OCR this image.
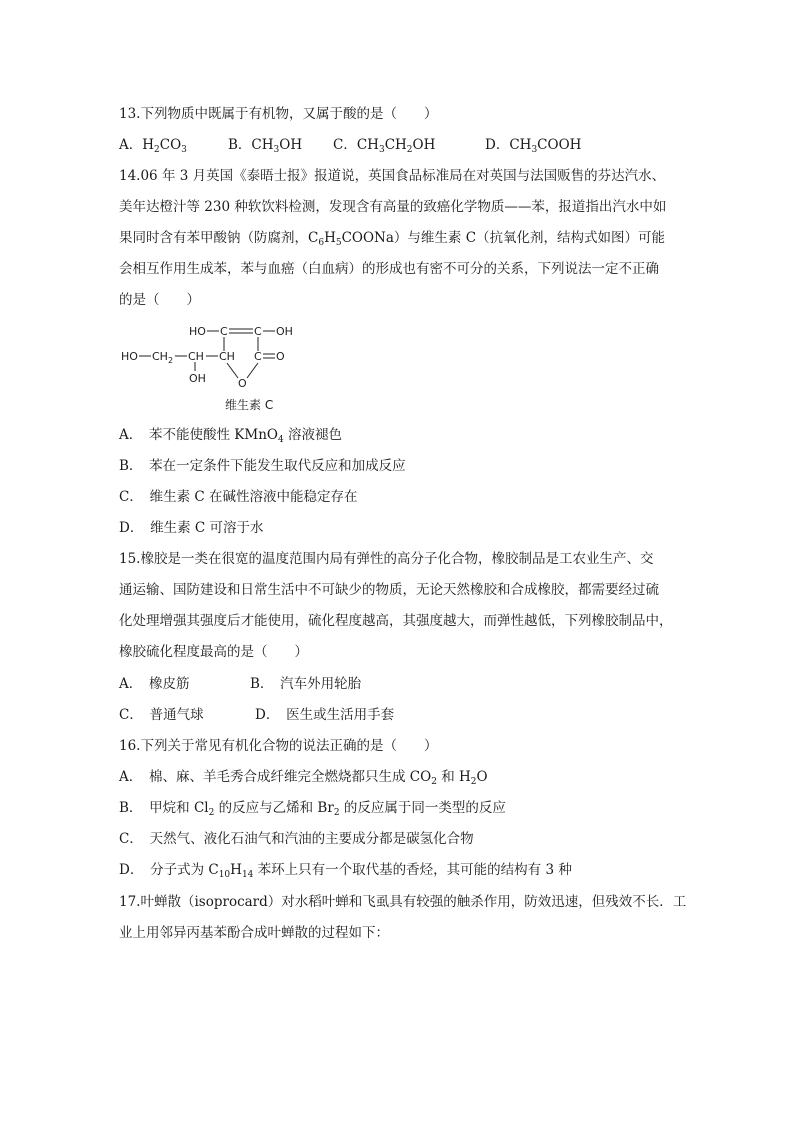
13.下列物质中既属于有机物，又属于酸的是（　　）
A．$H_2CO_3$	B．$CH_3OH$ C．$CH_3CH_2OH$	D．$CH_3COOH$
14.06 年 3 月英国《泰晤士报》报道说，英国食品标准局在对英国与法国贩售的芬达汽水、
美年达橙汁等 230 种软饮料检测，发现含有高量的致癌化学物质——苯，报道指出汽水中如
果同时含有苯甲酸钠（防腐剂，$C_6H_5COONa$）与维生素 C（抗氧化剂，结构式如图）可能
会相互作用生成苯，苯与血癌（白血病）的形成也有密不可分的关系，下列说法一定不正确
的是（　　）
HO C C OH
HO $CH_2$ CH CH C O
OH	O
维生素 C
A．　苯不能使酸性 KMnO$_4$ 溶液褪色
B．　苯在一定条件下能发生取代反应和加成反应
C．　维生素 C 在碱性溶液中能稳定存在
D．　维生素 C 可溶于水
15.橡胶是一类在很宽的温度范围内局有弹性的高分子化合物，橡胶制品是工农业生产、交
通运输、国防建设和日常生活中不可缺少的物质，无论天然橡胶和合成橡胶，都需要经过硫
化处理增强其强度后才能使用，硫化程度越高，其强度越大，而弹性越低，下列橡胶制品中，
橡胶硫化程度最高的是（　　）
A．　橡皮筋	B．　汽车外用轮胎
C．　普通气球	D．　医生或生活用手套
16.下列关于常见有机化合物的说法正确的是（　　）
A．　棉、麻、羊毛秀合成纤维完全燃烧都只生成 $CO_2$ 和 $H_2O$
B．　甲烷和 $Cl_2$ 的反应与乙烯和 $Br_2$ 的反应属于同一类型的反应
C．　天然气、液化石油气和汽油的主要成分都是碳氢化合物
D．　分子式为 $C_{10}H_{14}$ 苯环上只有一个取代基的香烃，其可能的结构有 3 种
17.叶蝉散（isoprocard）对水稻叶蝉和飞虱具有较强的触杀作用，防效迅速，但残效不长．工
业上用邻异丙基苯酚合成叶蝉散的过程如下：
